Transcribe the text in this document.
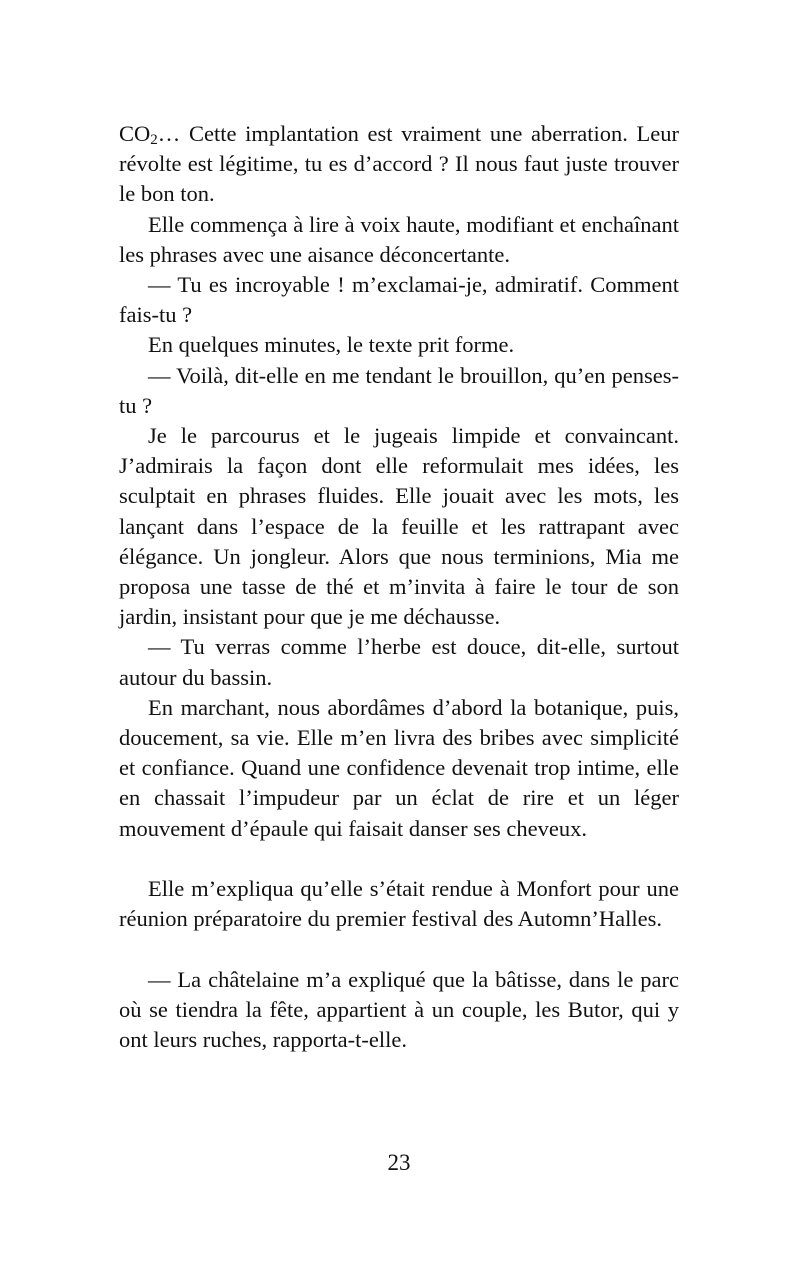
$CO_2\dots$ Cette implantation est vraiment une aberration. Leur révolte est légitime, tu es d’accord ? Il nous faut juste trouver le bon ton.

Elle commença à lire à voix haute, modifiant et enchaînant les phrases avec une aisance déconcertante.

— Tu es incroyable ! m’exclamai-je, admiratif. Comment fais-tu ?

En quelques minutes, le texte prit forme.

— Voilà, dit-elle en me tendant le brouillon, qu’en penses-tu ?

Je le parcourus et le jugeais limpide et convaincant. J’admirais la façon dont elle reformulait mes idées, les sculptait en phrases fluides. Elle jouait avec les mots, les lançant dans l’espace de la feuille et les rattrapant avec élégance. Un jongleur. Alors que nous terminions, Mia me proposa une tasse de thé et m’invita à faire le tour de son jardin, insistant pour que je me déchausse.

— Tu verras comme l’herbe est douce, dit-elle, surtout autour du bassin.

En marchant, nous abordâmes d’abord la botanique, puis, doucement, sa vie. Elle m’en livra des bribes avec simplicité et confiance. Quand une confidence devenait trop intime, elle en chassait l’impudeur par un éclat de rire et un léger mouvement d’épaule qui faisait danser ses cheveux.

Elle m’expliqua qu’elle s’était rendue à Monfort pour une réunion préparatoire du premier festival des Automn’Halles.

— La châtelaine m’a expliqué que la bâtisse, dans le parc où se tiendra la fête, appartient à un couple, les Butor, qui y ont leurs ruches, rapporta-t-elle.

23
